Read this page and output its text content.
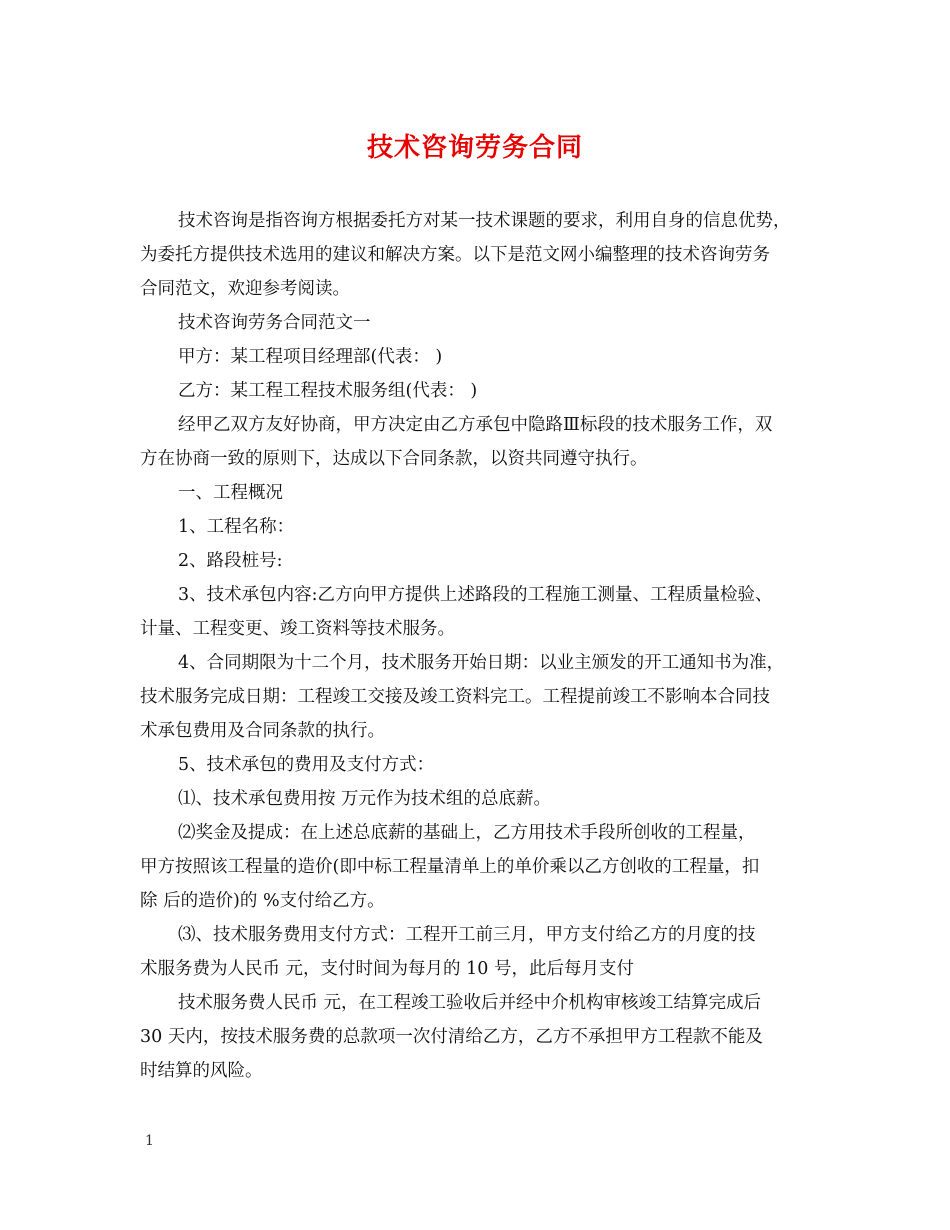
技术咨询劳务合同
技术咨询是指咨询方根据委托方对某一技术课题的要求，利用自身的信息优势，
为委托方提供技术选用的建议和解决方案。以下是范文网小编整理的技术咨询劳务
合同范文，欢迎参考阅读。
技术咨询劳务合同范文一
甲方：某工程项目经理部(代表： )
乙方：某工程工程技术服务组(代表： )
经甲乙双方友好协商，甲方决定由乙方承包中隐路Ⅲ标段的技术服务工作，双
方在协商一致的原则下，达成以下合同条款，以资共同遵守执行。
一、工程概况
1、工程名称：
2、路段桩号:
3、技术承包内容:乙方向甲方提供上述路段的工程施工测量、工程质量检验、
计量、工程变更、竣工资料等技术服务。
4、合同期限为十二个月，技术服务开始日期：以业主颁发的开工通知书为准，
技术服务完成日期：工程竣工交接及竣工资料完工。工程提前竣工不影响本合同技
术承包费用及合同条款的执行。
5、技术承包的费用及支付方式：
⑴、技术承包费用按 万元作为技术组的总底薪。
⑵奖金及提成：在上述总底薪的基础上，乙方用技术手段所创收的工程量，
甲方按照该工程量的造价(即中标工程量清单上的单价乘以乙方创收的工程量，扣
除 后的造价)的 %支付给乙方。
⑶、技术服务费用支付方式：工程开工前三月，甲方支付给乙方的月度的技
术服务费为人民币 元，支付时间为每月的 10 号，此后每月支付
技术服务费人民币 元，在工程竣工验收后并经中介机构审核竣工结算完成后
30 天内，按技术服务费的总款项一次付清给乙方，乙方不承担甲方工程款不能及
时结算的风险。
1
